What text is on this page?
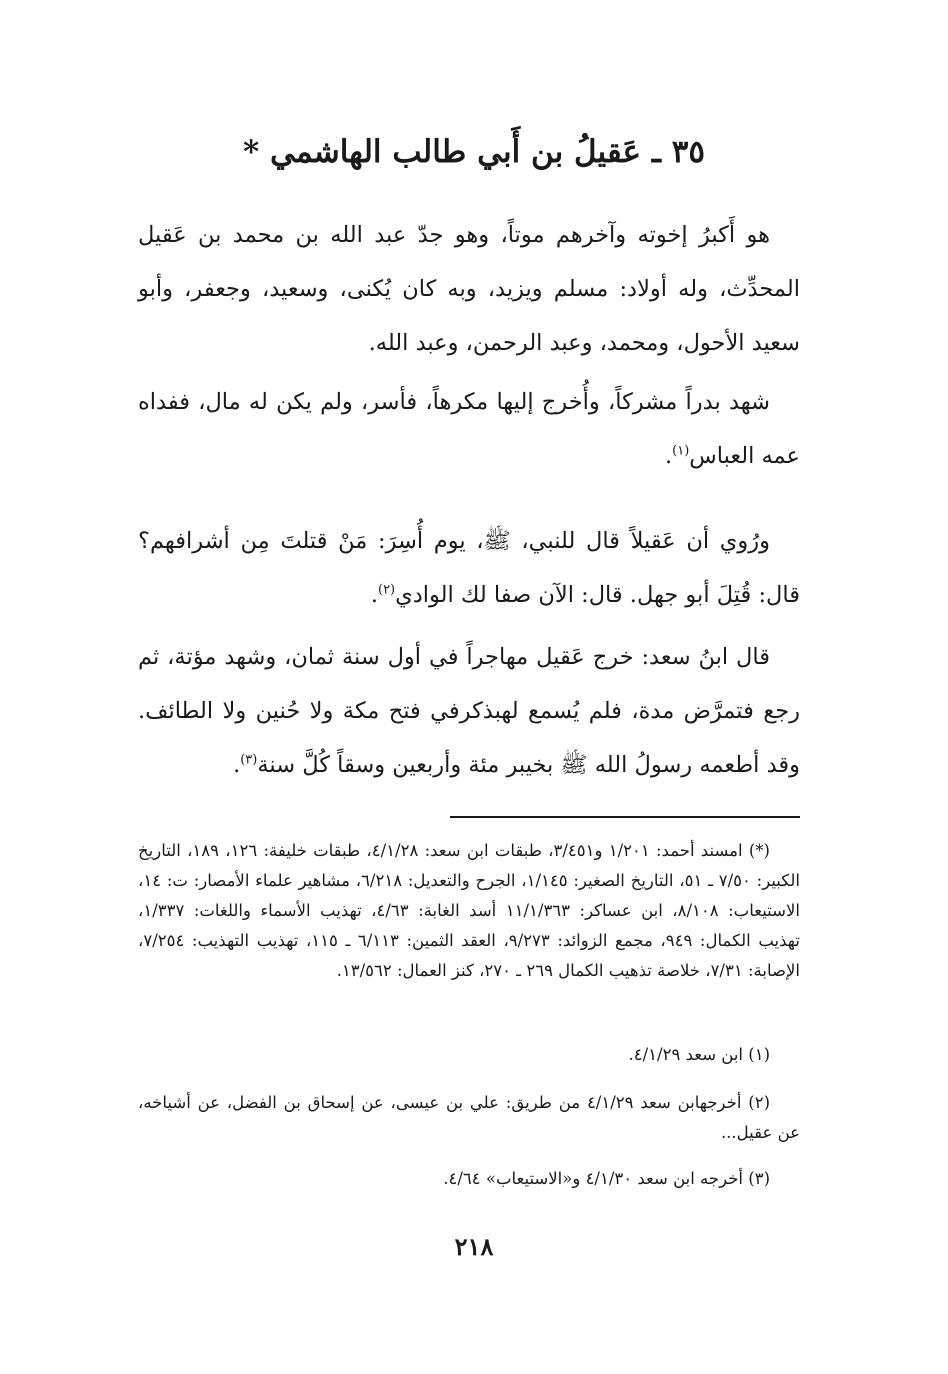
٣٥ ـ عَقيلُ بن أَبي طالب الهاشمي *

هو أَكبرُ إخوته وآخرهم موتاً، وهو جدّ عبد الله بن محمد بن عَقيل المحدِّث، وله أولاد: مسلم ويزيد، وبه كان يُكنى، وسعيد، وجعفر، وأبو سعيد الأحول، ومحمد، وعبد الرحمن، وعبد الله.

شهد بدراً مشركاً، وأُخرج إليها مكرهاً، فأسر، ولم يكن له مال، ففداه عمه العباس$^{(١)}$.

ورُوي أن عَقيلاً قال للنبي، ﷺ، يوم أُسِرَ: مَنْ قتلتَ مِن أشرافهم؟ قال: قُتِلَ أبو جهل. قال: الآن صفا لك الوادي$^{(٢)}$.

قال ابنُ سعد: خرج عَقيل مهاجراً في أول سنة ثمان، وشهد مؤتة، ثم رجع فتمرَّض مدة، فلم يُسمع لهبذكرفي فتح مكة ولا حُنين ولا الطائف. وقد أطعمه رسولُ الله ﷺ بخيبر مئة وأربعين وسقاً كُلَّ سنة$^{(٣)}$.

(*) امسند أحمد: ١/٢٠١ و٣/٤٥١، طبقات ابن سعد: ٤/١/٢٨، طبقات خليفة: ١٢٦، ١٨٩، التاريخ الكبير: ٧/٥٠ ـ ٥١، التاريخ الصغير: ١/١٤٥، الجرح والتعديل: ٦/٢١٨، مشاهير علماء الأمصار: ت: ١٤، الاستيعاب: ٨/١٠٨، ابن عساكر: ١١/١/٣٦٣ أسد الغابة: ٤/٦٣، تهذيب الأسماء واللغات: ١/٣٣٧، تهذيب الكمال: ٩٤٩، مجمع الزوائد: ٩/٢٧٣، العقد الثمين: ٦/١١٣ ـ ١١٥، تهذيب التهذيب: ٧/٢٥٤، الإصابة: ٧/٣١، خلاصة تذهيب الكمال ٢٦٩ ـ ٢٧٠، كنز العمال: ١٣/٥٦٢.

(١) ابن سعد ٤/١/٢٩.

(٢) أخرجهابن سعد ٤/١/٢٩ من طريق: علي بن عيسى، عن إسحاق بن الفضل، عن أشياخه، عن عقيل...

(٣) أخرجه ابن سعد ٤/١/٣٠ و«الاستيعاب» ٤/٦٤.

٢١٨
